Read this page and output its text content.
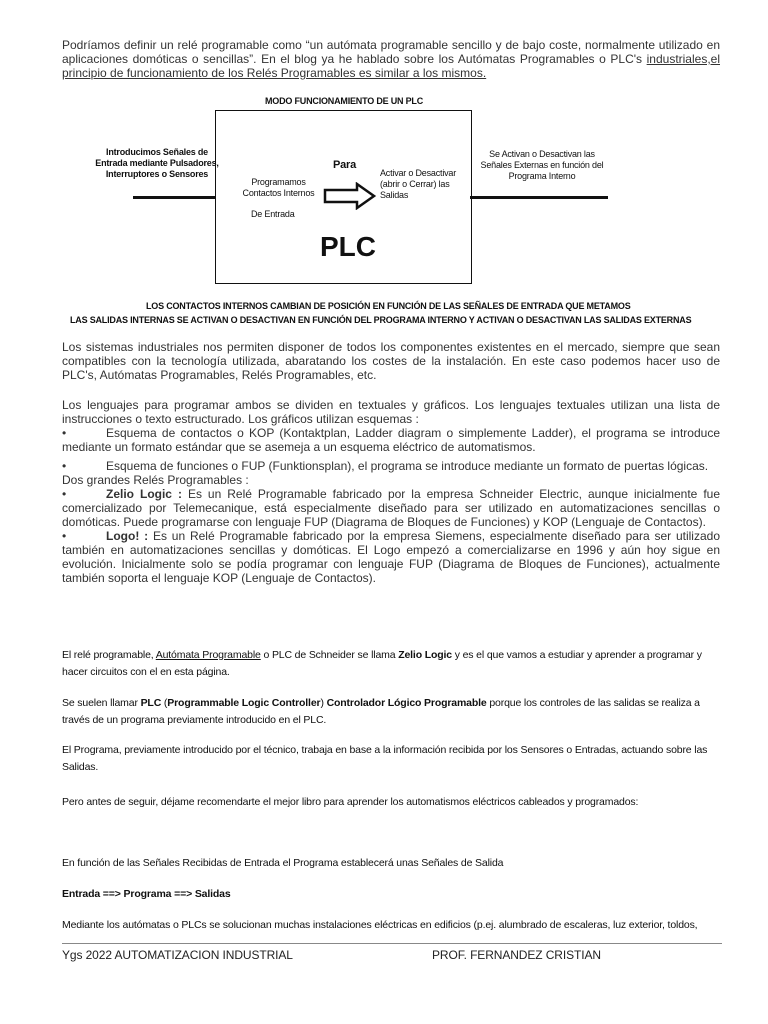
Podríamos definir un relé programable como “un autómata programable sencillo y de bajo coste, normalmente utilizado en aplicaciones domóticas o sencillas”. En el blog ya he hablado sobre los Autómatas Programables o PLC's industriales,el principio de funcionamiento de los Relés Programables es similar a los mismos.

MODO FUNCIONAMIENTO DE UN PLC
Introducimos Señales de Entrada mediante Pulsadores, Interruptores o Sensores
Para
Programamos Contactos Internos
De Entrada
Activar o Desactivar (abrir o Cerrar) las Salidas
Se Activan o Desactivan las Señales Externas en función del Programa Interno
PLC
LOS CONTACTOS INTERNOS CAMBIAN DE POSICIÓN EN FUNCIÓN DE LAS SEÑALES DE ENTRADA QUE METAMOS
LAS SALIDAS INTERNAS SE ACTIVAN O DESACTIVAN EN FUNCIÓN DEL PROGRAMA INTERNO Y ACTIVAN O DESACTIVAN LAS SALIDAS EXTERNAS
Los sistemas industriales nos permiten disponer de todos los componentes existentes en el mercado, siempre que sean compatibles con la tecnología utilizada, abaratando los costes de la instalación. En este caso podemos hacer uso de PLC's, Autómatas Programables, Relés Programables, etc.

Los lenguajes para programar ambos se dividen en textuales y gráficos. Los lenguajes textuales utilizan una lista de instrucciones o texto estructurado. Los gráficos utilizan esquemas :

•	Esquema de contactos o KOP (Kontaktplan, Ladder diagram o simplemente Ladder), el programa se introduce mediante un formato estándar que se asemeja a un esquema eléctrico de automatismos.

•	Esquema de funciones o FUP (Funktionsplan), el programa se introduce mediante un formato de puertas lógicas.

Dos grandes Relés Programables :

•	Zelio Logic : Es un Relé Programable fabricado por la empresa Schneider Electric, aunque inicialmente fue comercializado por Telemecanique, está especialmente diseñado para ser utilizado en automatizaciones sencillas o domóticas. Puede programarse con lenguaje FUP (Diagrama de Bloques de Funciones) y KOP (Lenguaje de Contactos).

•	Logo! : Es un Relé Programable fabricado por la empresa Siemens, especialmente diseñado para ser utilizado también en automatizaciones sencillas y domóticas. El Logo empezó a comercializarse en 1996 y aún hoy sigue en evolución. Inicialmente solo se podía programar con lenguaje FUP (Diagrama de Bloques de Funciones), actualmente también soporta el lenguaje KOP (Lenguaje de Contactos).

El relé programable, Autómata Programable o PLC de Schneider se llama Zelio Logic y es el que vamos a estudiar y aprender a programar y hacer circuitos con el en esta página.
Se suelen llamar PLC (Programmable Logic Controller) Controlador Lógico Programable porque los controles de las salidas se realiza a través de un programa previamente introducido en el PLC.
El Programa, previamente introducido por el técnico, trabaja en base a la información recibida por los Sensores o Entradas, actuando sobre las Salidas.
Pero antes de seguir, déjame recomendarte el mejor libro para aprender los automatismos eléctricos cableados y programados:
En función de las Señales Recibidas de Entrada el Programa establecerá unas Señales de Salida
Entrada ==> Programa ==> Salidas
Mediante los autómatas o PLCs se solucionan muchas instalaciones eléctricas en edificios (p.ej. alumbrado de escaleras, luz exterior, toldos,
Ygs 2022 AUTOMATIZACION INDUSTRIAL	PROF. FERNANDEZ CRISTIAN
